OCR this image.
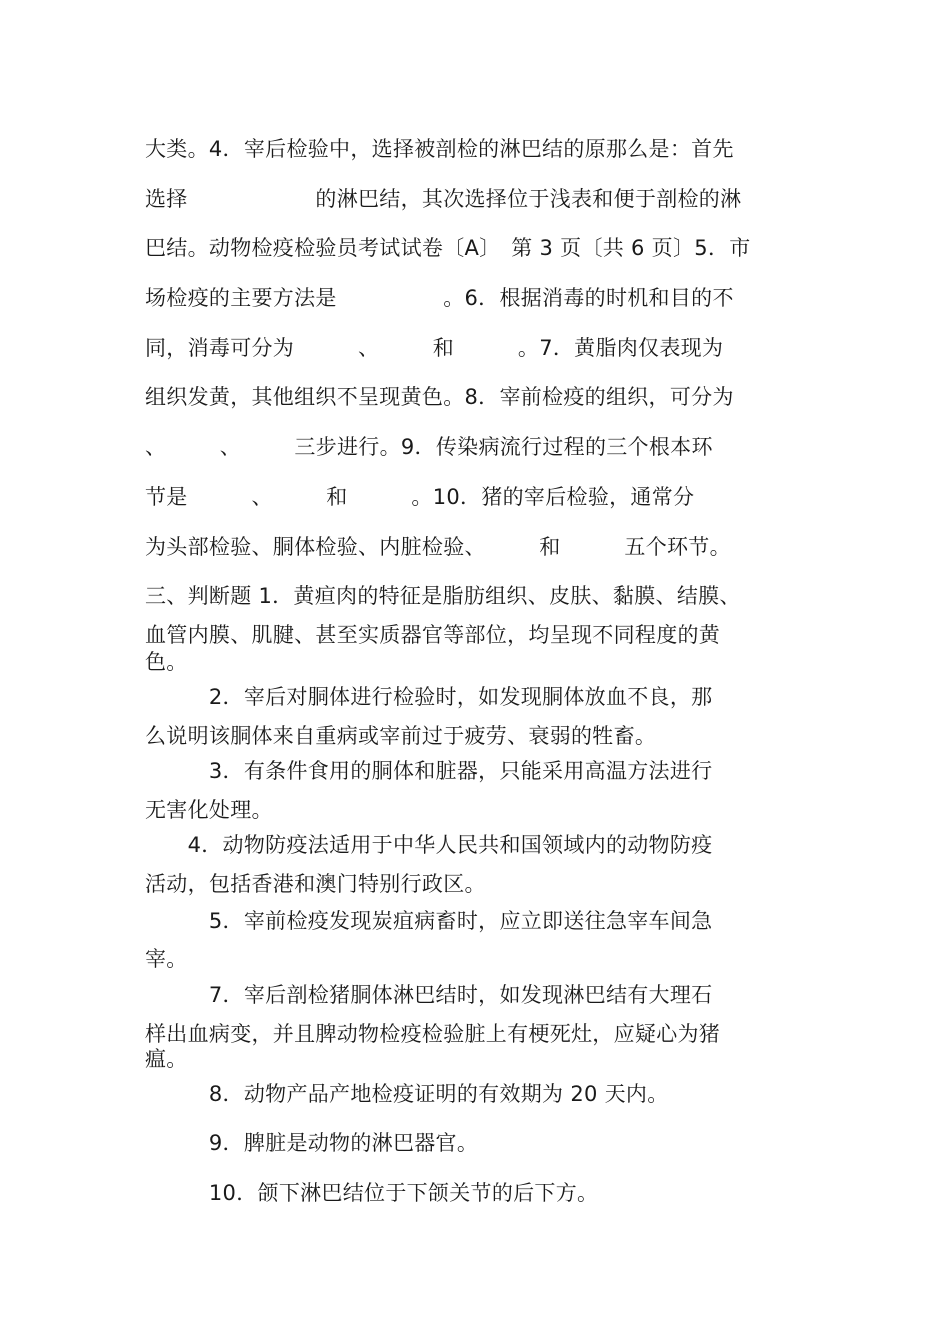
大类。4．宰后检验中，选择被剖检的淋巴结的原那么是：首先
选择　　　　　　的淋巴结，其次选择位于浅表和便于剖检的淋
巴结。动物检疫检验员考试试卷〔A〕　第 3 页〔共 6 页〕5．市
场检疫的主要方法是　　　　　。6．根据消毒的时机和目的不
同，消毒可分为　　　、　　　和　　　。7．黄脂肉仅表现为
组织发黄，其他组织不呈现黄色。8．宰前检疫的组织，可分为
、　　　、　　　三步进行。9．传染病流行过程的三个根本环
节是　　　、　　　和　　　。10．猪的宰后检验，通常分
为头部检验、胴体检验、内脏检验、　　　和　　　五个环节。
三、判断题 1．黄疸肉的特征是脂肪组织、皮肤、黏膜、结膜、
血管内膜、肌腱、甚至实质器官等部位，均呈现不同程度的黄
色。
　　　2．宰后对胴体进行检验时，如发现胴体放血不良，那
么说明该胴体来自重病或宰前过于疲劳、衰弱的牲畜。
　　　3．有条件食用的胴体和脏器，只能采用高温方法进行
无害化处理。
　　4．动物防疫法适用于中华人民共和国领域内的动物防疫
活动，包括香港和澳门特别行政区。
　　　5．宰前检疫发现炭疽病畜时，应立即送往急宰车间急
宰。
　　　7．宰后剖检猪胴体淋巴结时，如发现淋巴结有大理石
样出血病变，并且脾动物检疫检验脏上有梗死灶，应疑心为猪
瘟。
　　　8．动物产品产地检疫证明的有效期为 20 天内。
　　　9．脾脏是动物的淋巴器官。
　　　10．颌下淋巴结位于下颌关节的后下方。
